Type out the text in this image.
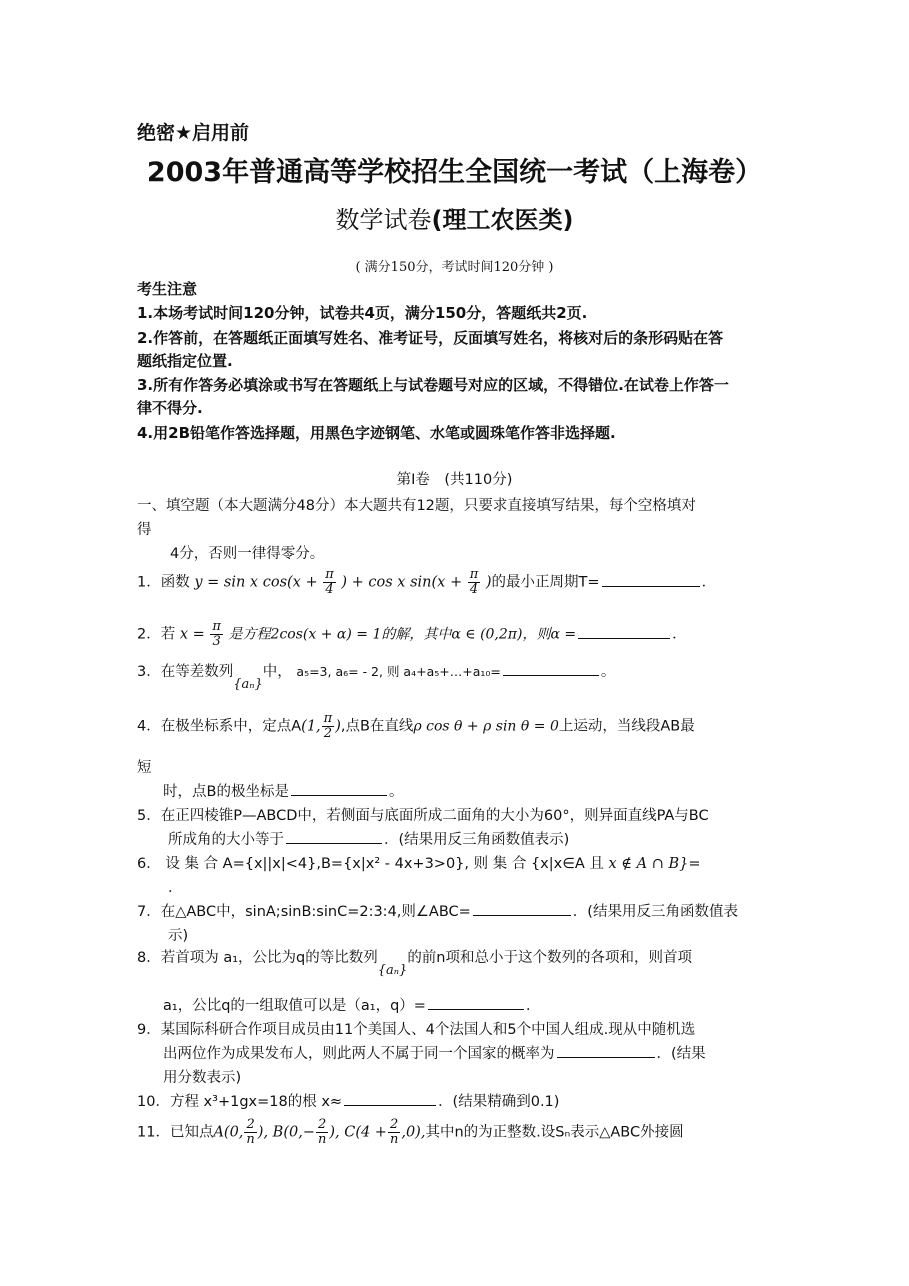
绝密★启用前
2003年普通高等学校招生全国统一考试（上海卷）
数学试卷(理工农医类)
( 满分150分，考试时间120分钟 )
考生注意
1.本场考试时间120分钟，试卷共4页，满分150分，答题纸共2页.
2.作答前，在答题纸正面填写姓名、准考证号，反面填写姓名，将核对后的条形码贴在答
题纸指定位置.
3.所有作答务必填涂或书写在答题纸上与试卷题号对应的区域，不得错位.在试卷上作答一
律不得分.
4.用2B铅笔作答选择题，用黑色字迹钢笔、水笔或圆珠笔作答非选择题.
第Ⅰ卷　(共110分)
一、填空题（本大题满分48分）本大题共有12题，只要求直接填写结果，每个空格填对
得
4分，否则一律得零分。
1．函数 y = sin x $\cos(x + \frac{\pi}{4}$ ) + cos x $\sin(x + \frac{\pi}{4}$ )的最小正周期T=	．
2．若 $x = \frac{\pi}{3}$ 是方程2cos(x + α) = 1的解，其中α ∈ (0,2π)，则α =	．
3．在等差数列{aₙ}中， a₅=3, a₆= - 2, 则 a₄+a₅+…+a₁₀=	。
4．在极坐标系中，定点A(1, $\frac{\pi}{2}$ ),点B在直线ρ cos θ + ρ sin θ = 0上运动，当线段AB最
短
时，点B的极坐标是	。
5．在正四棱锥P—ABCD中，若侧面与底面所成二面角的大小为60°，则异面直线PA与BC
所成角的大小等于	．(结果用反三角函数值表示)
6． 设 集 合 A={x||x|<4},B={x|x² - 4x+3>0}, 则 集 合 {x|x∈A 且 x ∉ A ∩ B}=
．
7．在△ABC中，sinA;sinB:sinC=2:3:4,则∠ABC=	．(结果用反三角函数值表
示)
8．若首项为 a₁，公比为q的等比数列{aₙ}的前n项和总小于这个数列的各项和，则首项
a₁，公比q的一组取值可以是（a₁，q）=	．
9．某国际科研合作项目成员由11个美国人、4个法国人和5个中国人组成.现从中随机选
出两位作为成果发布人，则此两人不属于同一个国家的概率为	．(结果
用分数表示)
10．方程 x³+1gx=18的根 x≈	．(结果精确到0.1)
11．已知点A(0, $\frac{2}{n}$ ), $B(0,- \frac{2}{n}$ ), $C(4 + \frac{2}{n} ,0)$,其中n的为正整数.设Sₙ表示△ABC外接圆
